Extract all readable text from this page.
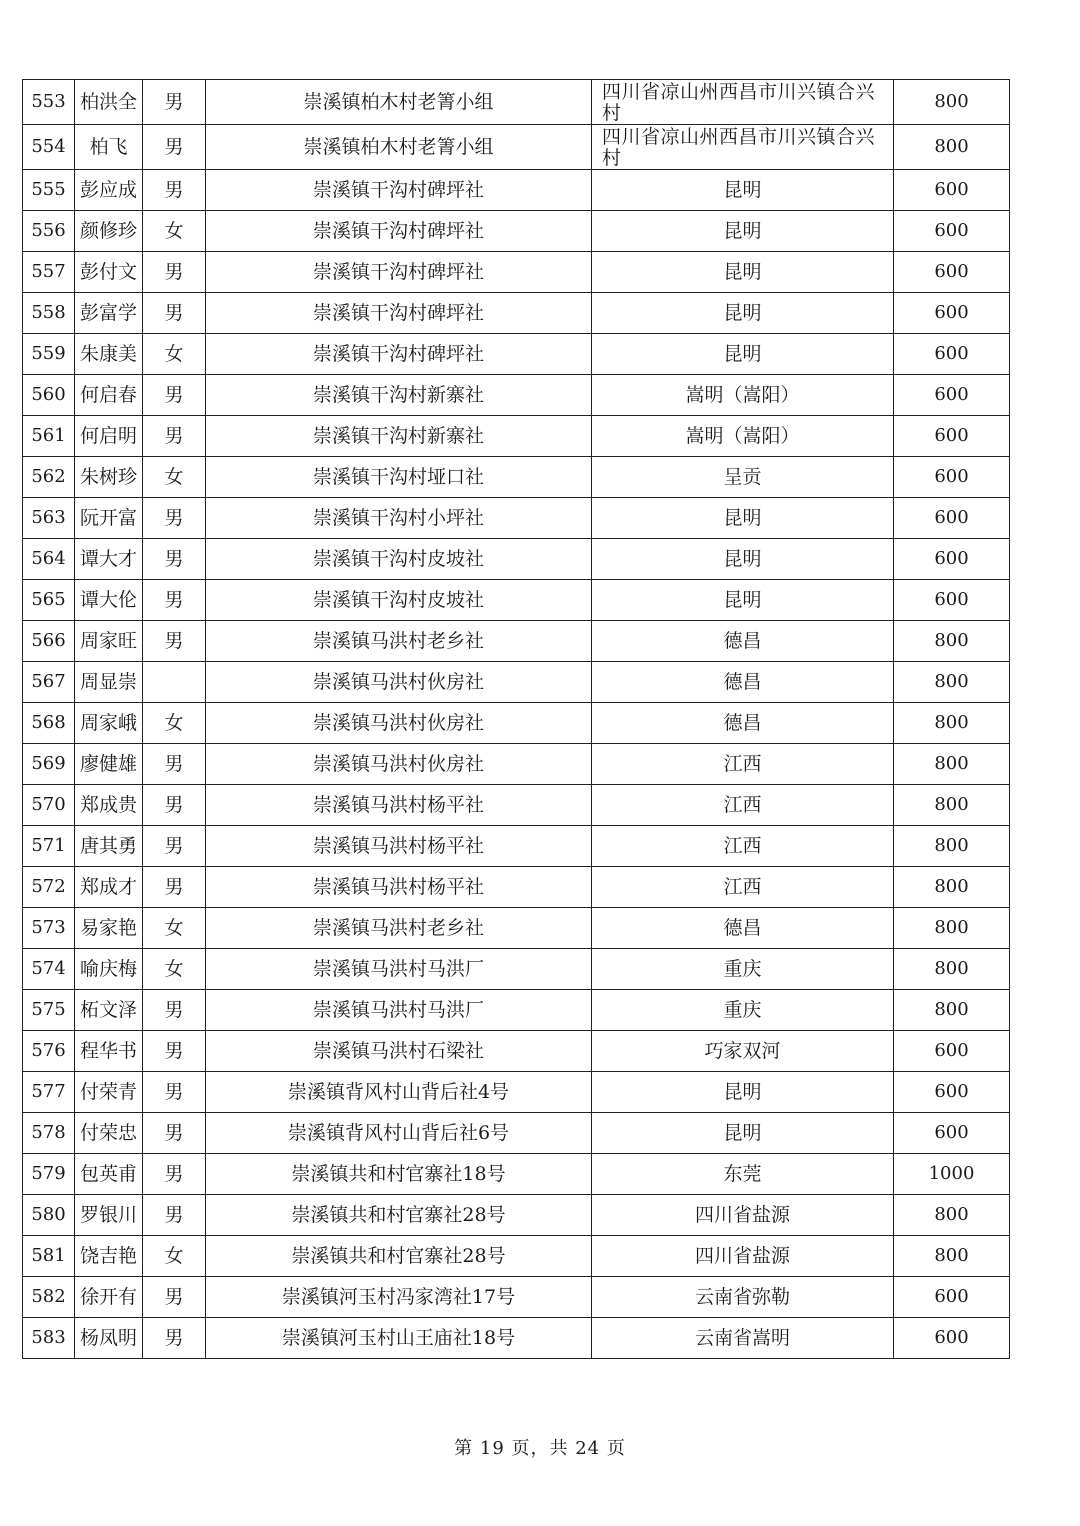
553	柏洪全	男	崇溪镇柏木村老箐小组	四川省凉山州西昌市川兴镇合兴村	800
554	柏飞	男	崇溪镇柏木村老箐小组	四川省凉山州西昌市川兴镇合兴村	800
555	彭应成	男	崇溪镇干沟村碑坪社	昆明	600
556	颜修珍	女	崇溪镇干沟村碑坪社	昆明	600
557	彭付文	男	崇溪镇干沟村碑坪社	昆明	600
558	彭富学	男	崇溪镇干沟村碑坪社	昆明	600
559	朱康美	女	崇溪镇干沟村碑坪社	昆明	600
560	何启春	男	崇溪镇干沟村新寨社	嵩明（嵩阳）	600
561	何启明	男	崇溪镇干沟村新寨社	嵩明（嵩阳）	600
562	朱树珍	女	崇溪镇干沟村垭口社	呈贡	600
563	阮开富	男	崇溪镇干沟村小坪社	昆明	600
564	谭大才	男	崇溪镇干沟村皮坡社	昆明	600
565	谭大伦	男	崇溪镇干沟村皮坡社	昆明	600
566	周家旺	男	崇溪镇马洪村老乡社	德昌	800
567	周显崇		崇溪镇马洪村伙房社	德昌	800
568	周家峨	女	崇溪镇马洪村伙房社	德昌	800
569	廖健雄	男	崇溪镇马洪村伙房社	江西	800
570	郑成贵	男	崇溪镇马洪村杨平社	江西	800
571	唐其勇	男	崇溪镇马洪村杨平社	江西	800
572	郑成才	男	崇溪镇马洪村杨平社	江西	800
573	易家艳	女	崇溪镇马洪村老乡社	德昌	800
574	喻庆梅	女	崇溪镇马洪村马洪厂	重庆	800
575	柘文泽	男	崇溪镇马洪村马洪厂	重庆	800
576	程华书	男	崇溪镇马洪村石梁社	巧家双河	600
577	付荣青	男	崇溪镇背风村山背后社4号	昆明	600
578	付荣忠	男	崇溪镇背风村山背后社6号	昆明	600
579	包英甫	男	崇溪镇共和村官寨社18号	东莞	1000
580	罗银川	男	崇溪镇共和村官寨社28号	四川省盐源	800
581	饶吉艳	女	崇溪镇共和村官寨社28号	四川省盐源	800
582	徐开有	男	崇溪镇河玉村冯家湾社17号	云南省弥勒	600
583	杨凤明	男	崇溪镇河玉村山王庙社18号	云南省嵩明	600
第 19 页，共 24 页
